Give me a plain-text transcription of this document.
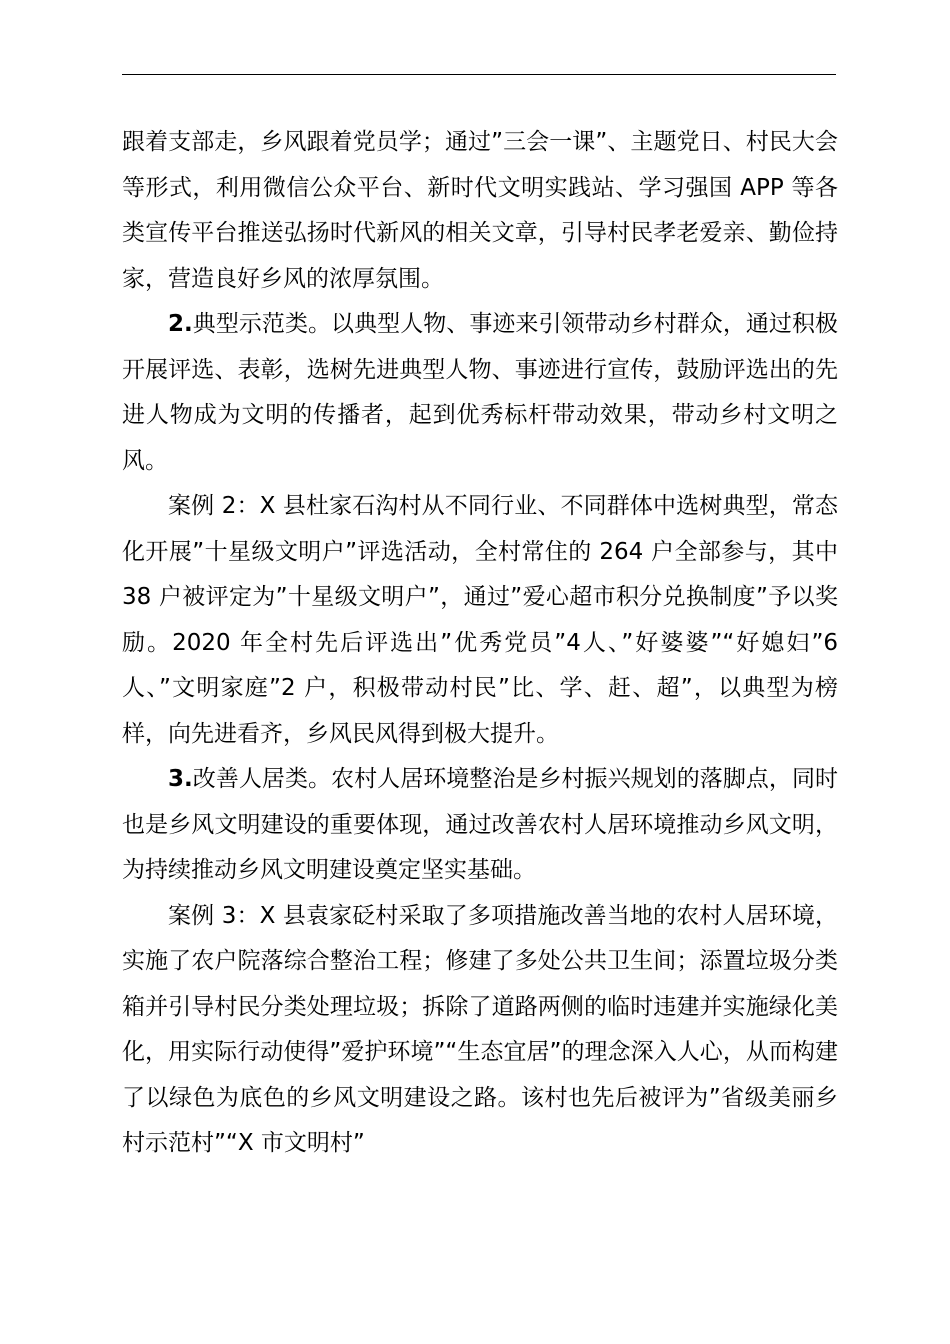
跟着支部走，乡风跟着党员学；通过”三会一课”、主题党日、村民大会等形式，利用微信公众平台、新时代文明实践站、学习强国 APP 等各类宣传平台推送弘扬时代新风的相关文章，引导村民孝老爱亲、勤俭持家，营造良好乡风的浓厚氛围。

2.典型示范类。以典型人物、事迹来引领带动乡村群众，通过积极开展评选、表彰，选树先进典型人物、事迹进行宣传，鼓励评选出的先进人物成为文明的传播者，起到优秀标杆带动效果，带动乡村文明之风。

案例 2：X 县杜家石沟村从不同行业、不同群体中选树典型，常态化开展”十星级文明户”评选活动，全村常住的 264 户全部参与，其中 38 户被评定为”十星级文明户”，通过”爱心超市积分兑换制度”予以奖励。2020 年全村先后评选出”优秀党员”4人、”好婆婆”“好媳妇”6 人、”文明家庭”2 户，积极带动村民”比、学、赶、超”，以典型为榜样，向先进看齐，乡风民风得到极大提升。

3.改善人居类。农村人居环境整治是乡村振兴规划的落脚点，同时也是乡风文明建设的重要体现，通过改善农村人居环境推动乡风文明，为持续推动乡风文明建设奠定坚实基础。

案例 3：X 县袁家砭村采取了多项措施改善当地的农村人居环境，实施了农户院落综合整治工程；修建了多处公共卫生间；添置垃圾分类箱并引导村民分类处理垃圾；拆除了道路两侧的临时违建并实施绿化美化，用实际行动使得”爱护环境”“生态宜居”的理念深入人心，从而构建了以绿色为底色的乡风文明建设之路。该村也先后被评为”省级美丽乡村示范村”“X 市文明村”
